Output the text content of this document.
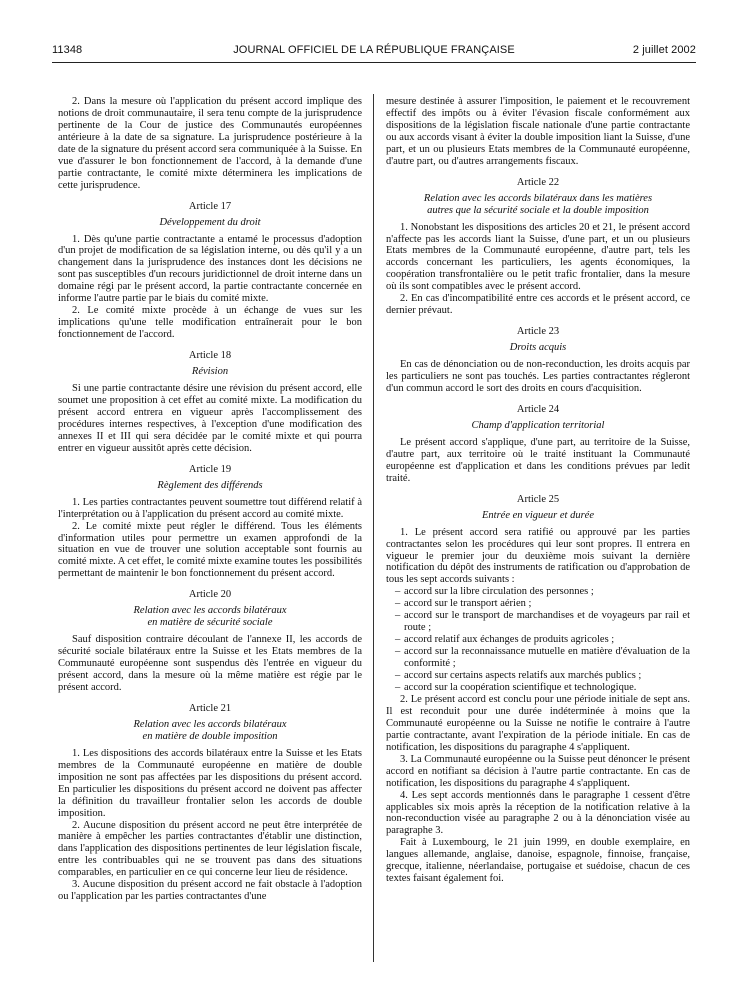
11348	JOURNAL OFFICIEL DE LA RÉPUBLIQUE FRANÇAISE	2 juillet 2002

2. Dans la mesure où l'application du présent accord implique des notions de droit communautaire, il sera tenu compte de la jurisprudence pertinente de la Cour de justice des Communautés européennes antérieure à la date de sa signature. La jurisprudence postérieure à la date de la signature du présent accord sera communiquée à la Suisse. En vue d'assurer le bon fonctionnement de l'accord, à la demande d'une partie contractante, le comité mixte déterminera les implications de cette jurisprudence.

Article 17
Développement du droit

1. Dès qu'une partie contractante a entamé le processus d'adoption d'un projet de modification de sa législation interne, ou dès qu'il y a un changement dans la jurisprudence des instances dont les décisions ne sont pas susceptibles d'un recours juridictionnel de droit interne dans un domaine régi par le présent accord, la partie contractante concernée en informe l'autre partie par le biais du comité mixte.

2. Le comité mixte procède à un échange de vues sur les implications qu'une telle modification entraînerait pour le bon fonctionnement de l'accord.

Article 18
Révision

Si une partie contractante désire une révision du présent accord, elle soumet une proposition à cet effet au comité mixte. La modification du présent accord entrera en vigueur après l'accomplissement des procédures internes respectives, à l'exception d'une modification des annexes II et III qui sera décidée par le comité mixte et qui pourra entrer en vigueur aussitôt après cette décision.

Article 19
Règlement des différends

1. Les parties contractantes peuvent soumettre tout différend relatif à l'interprétation ou à l'application du présent accord au comité mixte.

2. Le comité mixte peut régler le différend. Tous les éléments d'information utiles pour permettre un examen approfondi de la situation en vue de trouver une solution acceptable sont fournis au comité mixte. A cet effet, le comité mixte examine toutes les possibilités permettant de maintenir le bon fonctionnement du présent accord.

Article 20
Relation avec les accords bilatéraux
en matière de sécurité sociale

Sauf disposition contraire découlant de l'annexe II, les accords de sécurité sociale bilatéraux entre la Suisse et les Etats membres de la Communauté européenne sont suspendus dès l'entrée en vigueur du présent accord, dans la mesure où la même matière est régie par le présent accord.

Article 21
Relation avec les accords bilatéraux
en matière de double imposition

1. Les dispositions des accords bilatéraux entre la Suisse et les Etats membres de la Communauté européenne en matière de double imposition ne sont pas affectées par les dispositions du présent accord. En particulier les dispositions du présent accord ne doivent pas affecter la définition du travailleur frontalier selon les accords de double imposition.

2. Aucune disposition du présent accord ne peut être interprétée de manière à empêcher les parties contractantes d'établir une distinction, dans l'application des dispositions pertinentes de leur législation fiscale, entre les contribuables qui ne se trouvent pas dans des situations comparables, en particulier en ce qui concerne leur lieu de résidence.

3. Aucune disposition du présent accord ne fait obstacle à l'adoption ou l'application par les parties contractantes d'une

mesure destinée à assurer l'imposition, le paiement et le recouvrement effectif des impôts ou à éviter l'évasion fiscale conformément aux dispositions de la législation fiscale nationale d'une partie contractante ou aux accords visant à éviter la double imposition liant la Suisse, d'une part, et un ou plusieurs Etats membres de la Communauté européenne, d'autre part, ou d'autres arrangements fiscaux.

Article 22
Relation avec les accords bilatéraux dans les matières
autres que la sécurité sociale et la double imposition

1. Nonobstant les dispositions des articles 20 et 21, le présent accord n'affecte pas les accords liant la Suisse, d'une part, et un ou plusieurs Etats membres de la Communauté européenne, d'autre part, tels les accords concernant les particuliers, les agents économiques, la coopération transfrontalière ou le petit trafic frontalier, dans la mesure où ils sont compatibles avec le présent accord.

2. En cas d'incompatibilité entre ces accords et le présent accord, ce dernier prévaut.

Article 23
Droits acquis

En cas de dénonciation ou de non-reconduction, les droits acquis par les particuliers ne sont pas touchés. Les parties contractantes régleront d'un commun accord le sort des droits en cours d'acquisition.

Article 24
Champ d'application territorial

Le présent accord s'applique, d'une part, au territoire de la Suisse, d'autre part, aux territoire où le traité instituant la Communauté européenne est d'application et dans les conditions prévues par ledit traité.

Article 25
Entrée en vigueur et durée

1. Le présent accord sera ratifié ou approuvé par les parties contractantes selon les procédures qui leur sont propres. Il entrera en vigueur le premier jour du deuxième mois suivant la dernière notification du dépôt des instruments de ratification ou d'approbation de tous les sept accords suivants :

– accord sur la libre circulation des personnes ;
– accord sur le transport aérien ;
– accord sur le transport de marchandises et de voyageurs par rail et route ;
– accord relatif aux échanges de produits agricoles ;
– accord sur la reconnaissance mutuelle en matière d'évaluation de la conformité ;
– accord sur certains aspects relatifs aux marchés publics ;
– accord sur la coopération scientifique et technologique.

2. Le présent accord est conclu pour une période initiale de sept ans. Il est reconduit pour une durée indéterminée à moins que la Communauté européenne ou la Suisse ne notifie le contraire à l'autre partie contractante, avant l'expiration de la période initiale. En cas de notification, les dispositions du paragraphe 4 s'appliquent.

3. La Communauté européenne ou la Suisse peut dénoncer le présent accord en notifiant sa décision à l'autre partie contractante. En cas de notification, les dispositions du paragraphe 4 s'appliquent.

4. Les sept accords mentionnés dans le paragraphe 1 cessent d'être applicables six mois après la réception de la notification relative à la non-reconduction visée au paragraphe 2 ou à la dénonciation visée au paragraphe 3.

Fait à Luxembourg, le 21 juin 1999, en double exemplaire, en langues allemande, anglaise, danoise, espagnole, finnoise, française, grecque, italienne, néerlandaise, portugaise et suédoise, chacun de ces textes faisant également foi.
